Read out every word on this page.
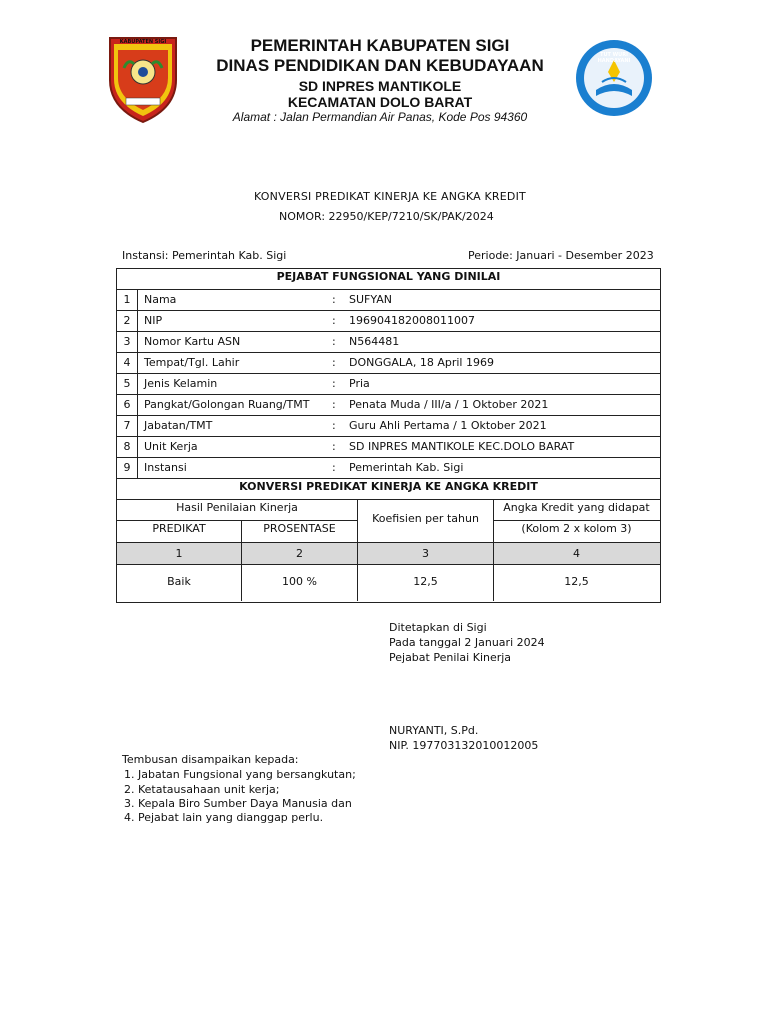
KABUPATEN SIGI
TUT WURI HANDAYANI
PEMERINTAH KABUPATEN SIGI
DINAS PENDIDIKAN DAN KEBUDAYAAN
SD INPRES MANTIKOLE
KECAMATAN DOLO BARAT
Alamat : Jalan Permandian Air Panas, Kode Pos 94360
KONVERSI PREDIKAT KINERJA KE ANGKA KREDIT
NOMOR: 22950/KEP/7210/SK/PAK/2024
Instansi: Pemerintah Kab. Sigi	Periode: Januari - Desember 2023
PEJABAT FUNGSIONAL YANG DINILAI
1	Nama	: SUFYAN
2	NIP	: 196904182008011007
3	Nomor Kartu ASN	: N564481
4	Tempat/Tgl. Lahir	: DONGGALA, 18 April 1969
5	Jenis Kelamin	: Pria
6	Pangkat/Golongan Ruang/TMT : Penata Muda / III/a / 1 Oktober 2021
7	Jabatan/TMT	: Guru Ahli Pertama / 1 Oktober 2021
8	Unit Kerja	: SD INPRES MANTIKOLE KEC.DOLO BARAT
9	Instansi	: Pemerintah Kab. Sigi
KONVERSI PREDIKAT KINERJA KE ANGKA KREDIT
Hasil Penilaian Kinerja
Koefisien per tahun
Angka Kredit yang didapat
PREDIKAT	PROSENTASE	(Kolom 2 x kolom 3)
1	2	3	4
Baik	100 %	12,5	12,5
Ditetapkan di Sigi
Pada tanggal 2 Januari 2024
Pejabat Penilai Kinerja
NURYANTI, S.Pd.
NIP. 197703132010012005
Tembusan disampaikan kepada:
1. Jabatan Fungsional yang bersangkutan;
2. Ketatausahaan unit kerja;
3. Kepala Biro Sumber Daya Manusia dan
4. Pejabat lain yang dianggap perlu.
